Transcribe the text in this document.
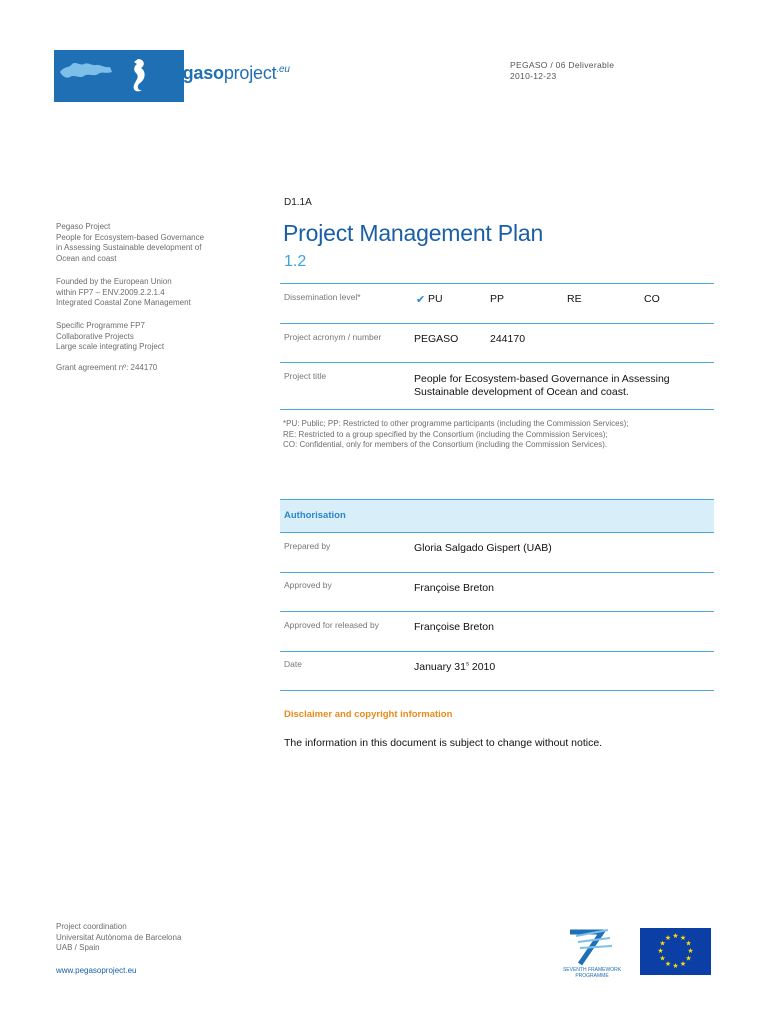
pegasoproject$^{.eu}$	PEGASO / 06 Deliverable
2010-12-23
Pegaso Project
People for Ecosystem-based Governance
in Assessing Sustainable development of
Ocean and coast
Founded by the European Union
within FP7 – ENV.2009.2.2.1.4
Integrated Coastal Zone Management
Specific Programme FP7
Collaborative Projects
Large scale integrating Project
Grant agreement nº: 244170
D1.1A
Project Management Plan
1.2
Dissemination level*	✔ PU	PP	RE	CO
Project acronym / number	PEGASO	244170
Project title	People for Ecosystem-based Governance in Assessing
Sustainable development of Ocean and coast.
*PU: Public; PP: Restricted to other programme participants (including the Commission Services);
RE: Restricted to a group specified by the Consortium (including the Commission Services);
CO: Confidential, only for members of the Consortium (including the Commission Services).
Authorisation
Prepared by	Gloria Salgado Gispert (UAB)
Approved by	Françoise Breton
Approved for released by	Françoise Breton
Date	January 31$^s$ 2010
Disclaimer and copyright information
The information in this document is subject to change without notice.
Project coordination
Universitat Autònoma de Barcelona
UAB / Spain
www.pegasoproject.eu	SEVENTH FRAMEWORK
PROGRAMME
★ ★
★
★
★
★
★
★
★
★
★
★
